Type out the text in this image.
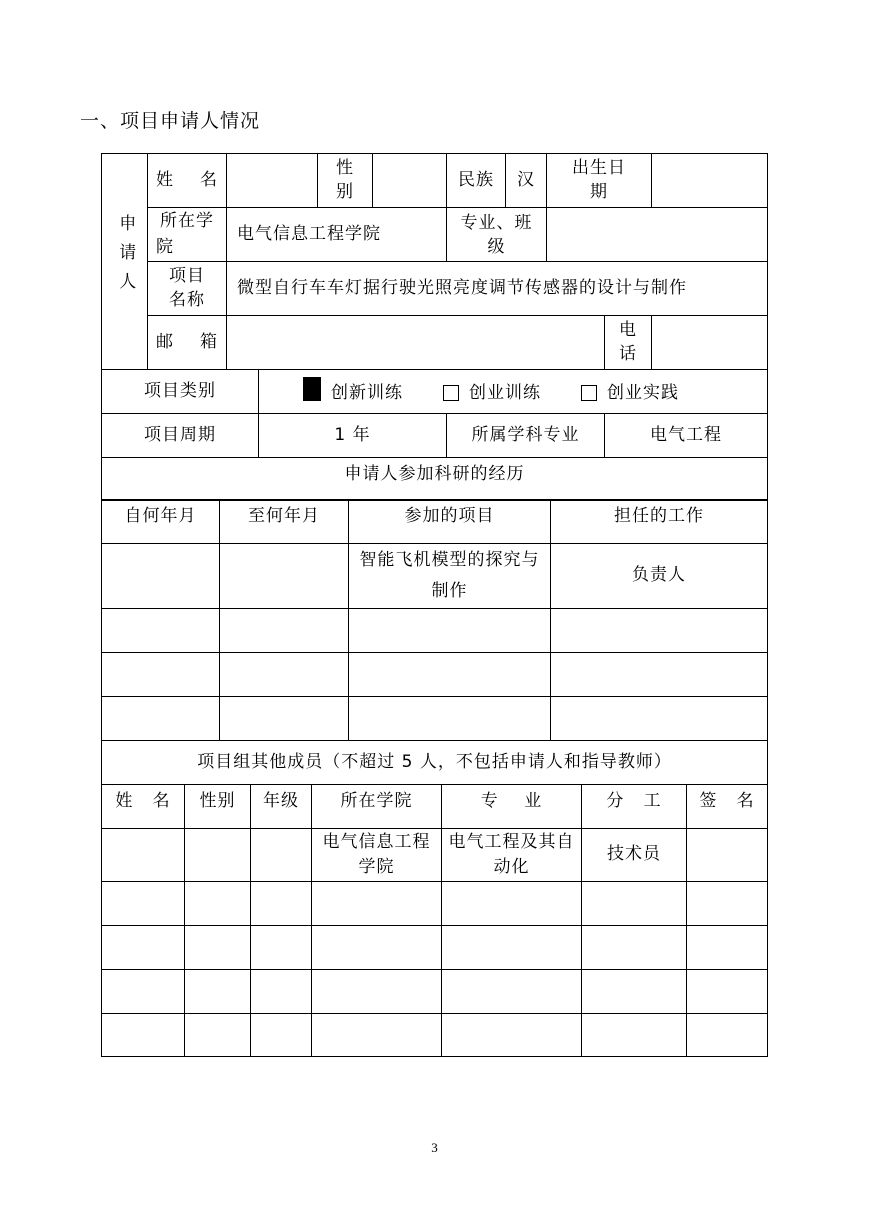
一、项目申请人情况
申请人	姓 名			性别		民族	汉	出生日期		

	所在学院	电气信息工程学院				专业、班级				

	项目名称	微型自行车车灯据行驶光照亮度调节传感器的设计与制作								
	邮箱								电话	

项目类别			创新训练 创业训练 创业实践							
项目周期			1 年			所属学科专业			电气工程	
申请人参加科研的经历										
自何年月	至何年月	参加的项目	担任的工作

		智能飞机模型的探究与制作	负责人

项目组其他成员（不超过 5 人，不包括申请人和指导教师）						
姓   名	性别	年级	所在学院	专    业	分   工	签   名

			电气信息工程学院	电气工程及其自动化	技术员	

3
